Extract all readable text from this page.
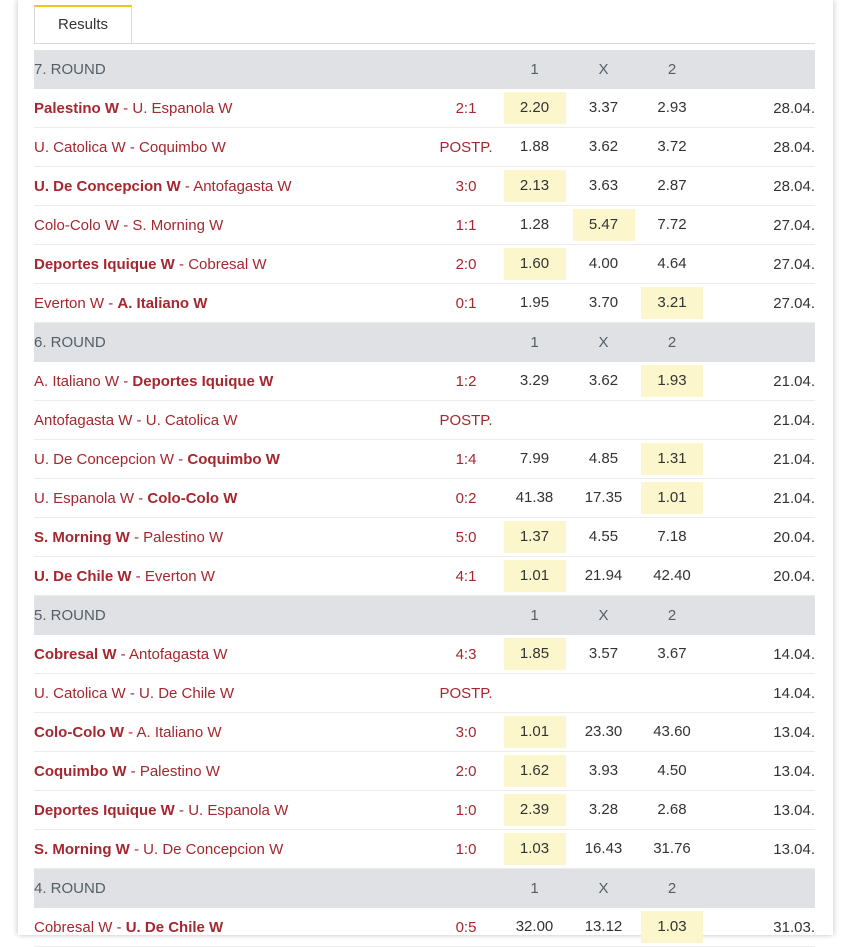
Results
7. ROUND		1	X	2	
Palestino W - U. Espanola W	2:1	2.20	3.37	2.93	28.04.
U. Catolica W - Coquimbo W	POSTP.	1.88	3.62	3.72	28.04.
U. De Concepcion W - Antofagasta W	3:0	2.13	3.63	2.87	28.04.
Colo-Colo W - S. Morning W	1:1	1.28	5.47	7.72	27.04.
Deportes Iquique W - Cobresal W	2:0	1.60	4.00	4.64	27.04.
Everton W - A. Italiano W	0:1	1.95	3.70	3.21	27.04.
6. ROUND		1	X	2	
A. Italiano W - Deportes Iquique W	1:2	3.29	3.62	1.93	21.04.
Antofagasta W - U. Catolica W	POSTP.				21.04.
U. De Concepcion W - Coquimbo W	1:4	7.99	4.85	1.31	21.04.
U. Espanola W - Colo-Colo W	0:2	41.38	17.35	1.01	21.04.
S. Morning W - Palestino W	5:0	1.37	4.55	7.18	20.04.
U. De Chile W - Everton W	4:1	1.01	21.94	42.40	20.04.
5. ROUND		1	X	2	
Cobresal W - Antofagasta W	4:3	1.85	3.57	3.67	14.04.
U. Catolica W - U. De Chile W	POSTP.				14.04.
Colo-Colo W - A. Italiano W	3:0	1.01	23.30	43.60	13.04.
Coquimbo W - Palestino W	2:0	1.62	3.93	4.50	13.04.
Deportes Iquique W - U. Espanola W	1:0	2.39	3.28	2.68	13.04.
S. Morning W - U. De Concepcion W	1:0	1.03	16.43	31.76	13.04.
4. ROUND		1	X	2	
Cobresal W - U. De Chile W	0:5	32.00	13.12	1.03	31.03.
